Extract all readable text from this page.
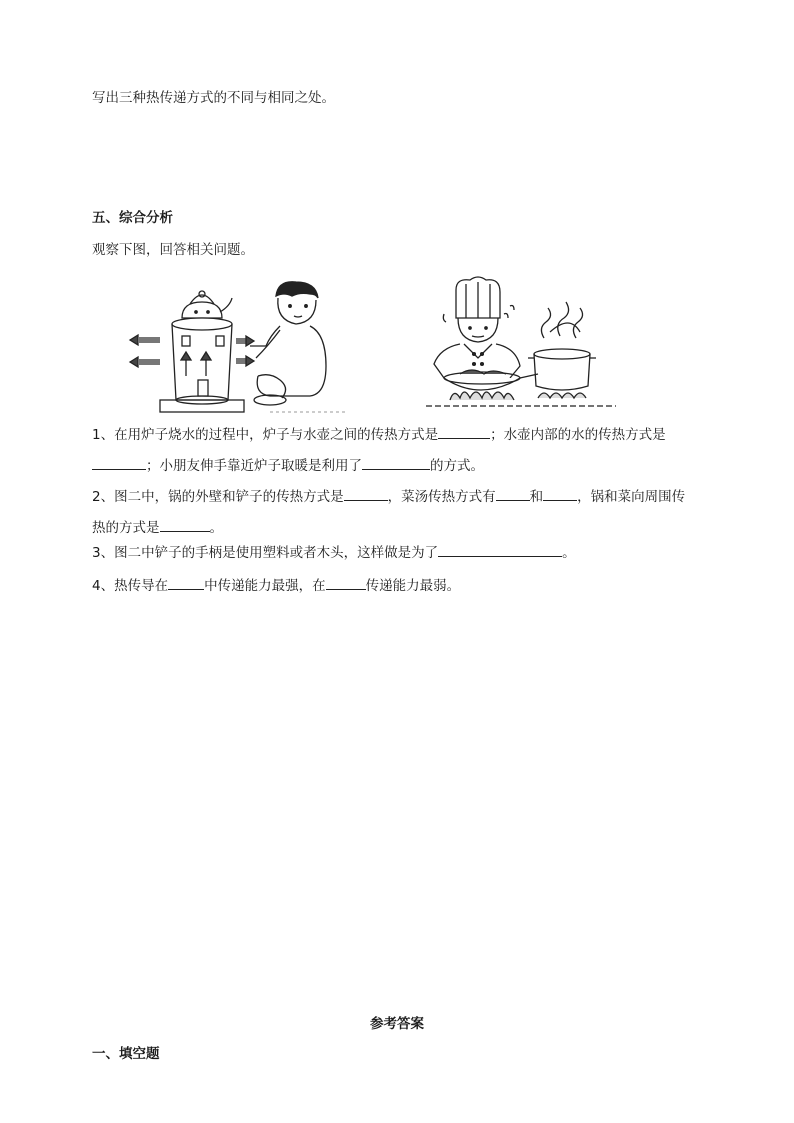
写出三种热传递方式的不同与相同之处。
五、综合分析
观察下图，回答相关问题。
1、在用炉子烧水的过程中，炉子与水壶之间的传热方式是	；水壶内部的水的传热方式是
；小朋友伸手靠近炉子取暖是利用了	的方式。
2、图二中，锅的外壁和铲子的传热方式是	，菜汤传热方式有	和	，锅和菜向周围传
热的方式是	。
3、图二中铲子的手柄是使用塑料或者木头，这样做是为了	。
4、热传导在	中传递能力最强，在	传递能力最弱。
参考答案
一、填空题
